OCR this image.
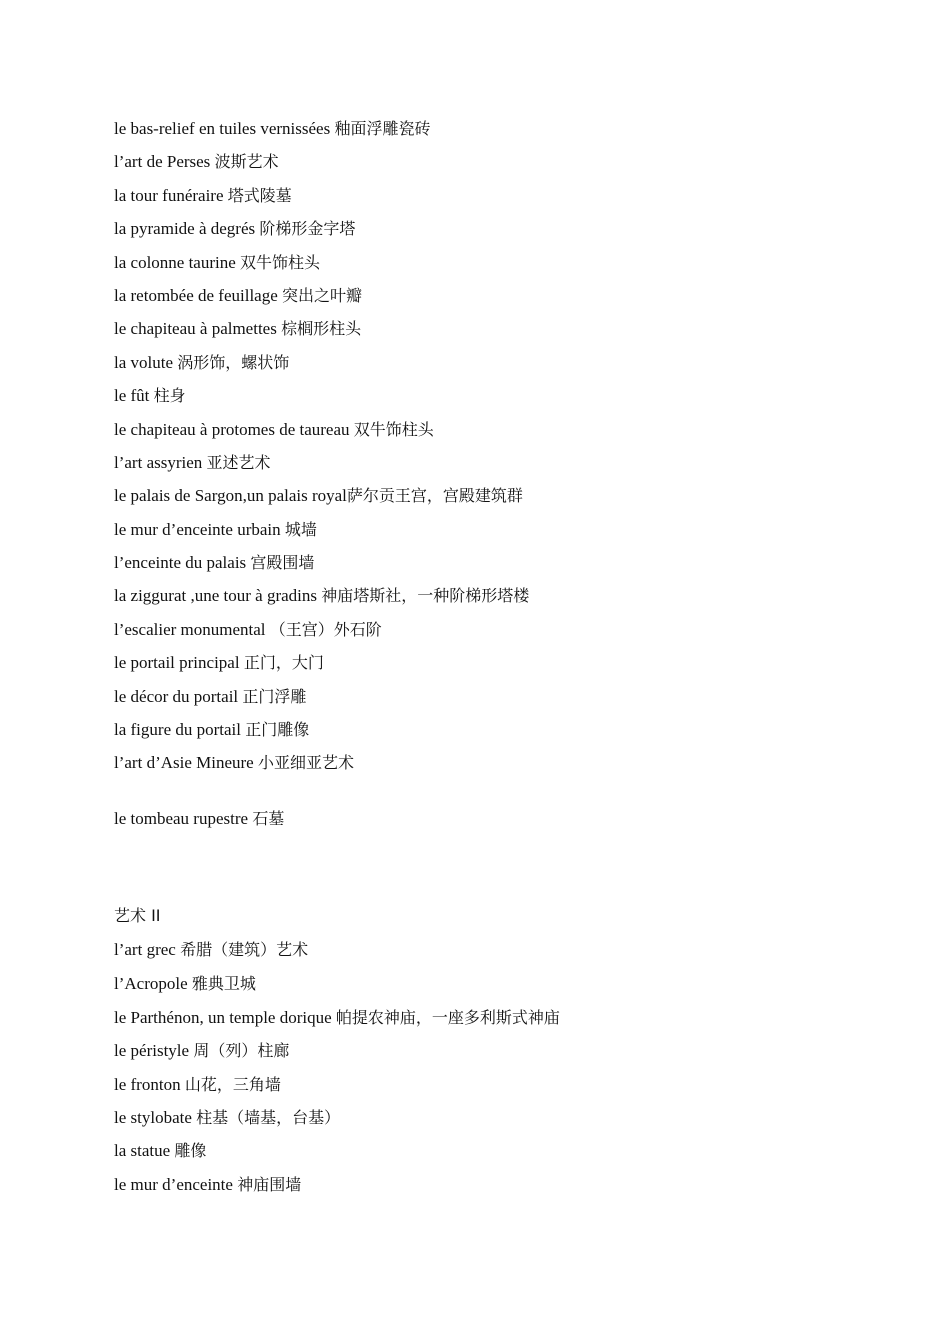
le bas-relief en tuiles vernissées 釉面浮雕瓷砖
l’art de Perses 波斯艺术
la tour funéraire 塔式陵墓
la pyramide à degrés 阶梯形金字塔
la colonne taurine 双牛饰柱头
la retombée de feuillage 突出之叶瓣
le chapiteau à palmettes 棕榈形柱头
la volute 涡形饰，螺状饰
le fût 柱身
le chapiteau à protomes de taureau 双牛饰柱头
l’art assyrien 亚述艺术
le palais de Sargon,un palais royal萨尔贡王宫，宫殿建筑群
le mur d’enceinte urbain 城墙
l’enceinte du palais 宫殿围墙
la ziggurat ,une tour à gradins 神庙塔斯社，一种阶梯形塔楼
l’escalier monumental （王宫）外石阶
le portail principal 正门，大门
le décor du portail 正门浮雕
la figure du portail 正门雕像
l’art d’Asie Mineure 小亚细亚艺术
le tombeau rupestre 石墓
艺术 II
l’art grec 希腊（建筑）艺术
l’Acropole 雅典卫城
le Parthénon, un temple dorique 帕提农神庙，一座多利斯式神庙
le péristyle 周（列）柱廊
le fronton 山花，三角墙
le stylobate 柱基（墙基，台基）
la statue 雕像
le mur d’enceinte 神庙围墙
